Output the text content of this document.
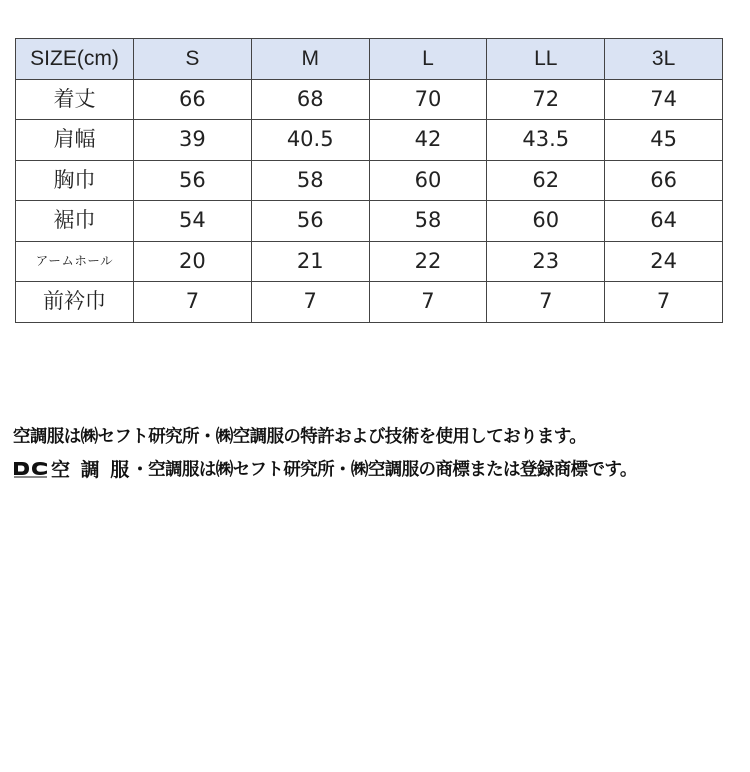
SIZE(cm)	S	M	L	LL	3L
着丈	66	68	70	72	74
肩幅	39	40.5	42	43.5	45
胸巾	56	58	60	62	66
裾巾	54	56	58	60	64
アームホール	20	21	22	23	24
前衿巾	7	7	7	7	7
空調服は㈱セフト研究所・㈱空調服の特許および技術を使用しております。
空 調 服 ・空調服は㈱セフト研究所・㈱空調服の商標または登録商標です。
